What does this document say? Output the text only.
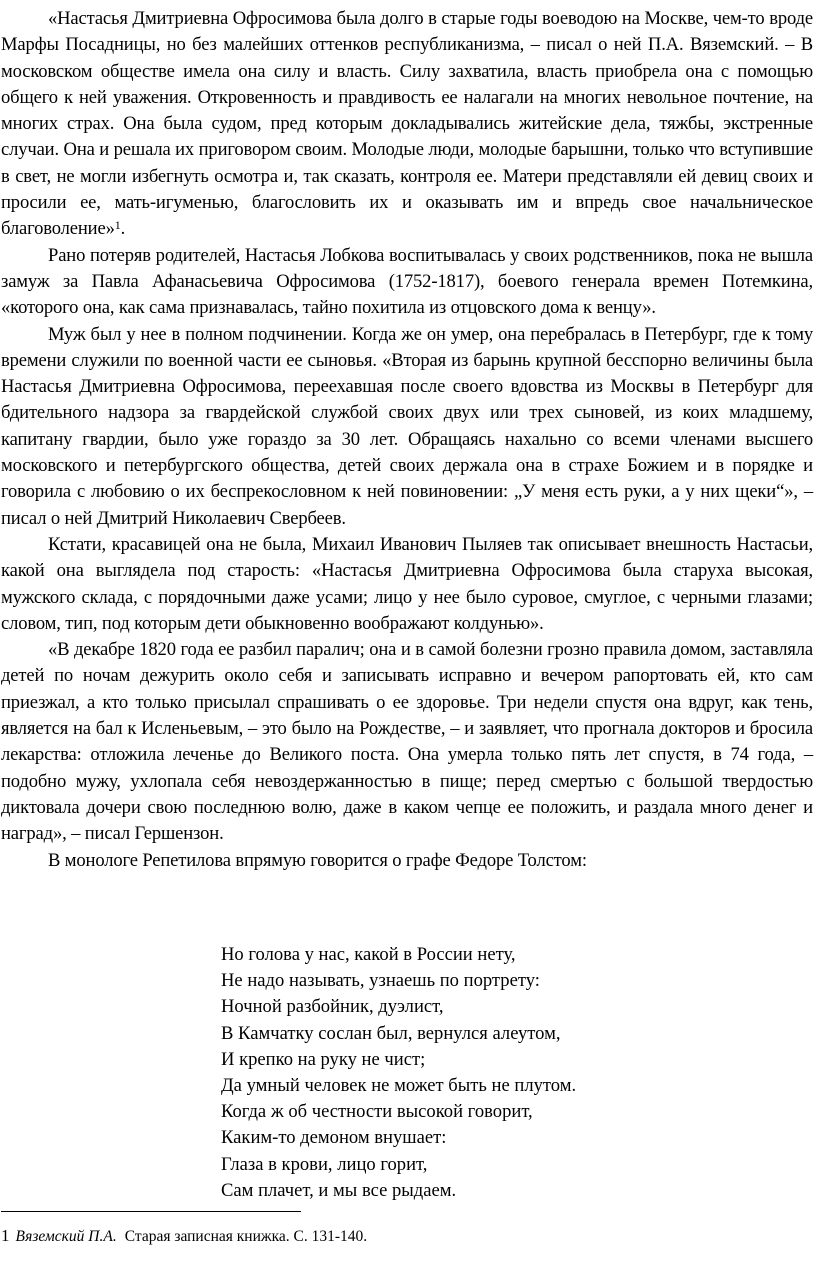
«Настасья Дмитриевна Офросимова была долго в старые годы воеводою на Москве, чем-то вроде Марфы Посадницы, но без малейших оттенков республиканизма, – писал о ней П.А. Вяземский. – В московском обществе имела она силу и власть. Силу захватила, власть приобрела она с помощью общего к ней уважения. Откровенность и правдивость ее налагали на многих невольное почтение, на многих страх. Она была судом, пред которым докладывались житейские дела, тяжбы, экстренные случаи. Она и решала их приговором своим. Молодые люди, молодые барышни, только что вступившие в свет, не могли избегнуть осмотра и, так сказать, контроля ее. Матери представляли ей девиц своих и просили ее, мать-игуменью, благословить их и оказывать им и впредь свое начальническое благоволение»$^1$.

Рано потеряв родителей, Настасья Лобкова воспитывалась у своих родственников, пока не вышла замуж за Павла Афанасьевича Офросимова (1752-1817), боевого генерала времен Потемкина, «которого она, как сама признавалась, тайно похитила из отцовского дома к венцу».

Муж был у нее в полном подчинении. Когда же он умер, она перебралась в Петербург, где к тому времени служили по военной части ее сыновья. «Вторая из барынь крупной бесспорно величины была Настасья Дмитриевна Офросимова, переехавшая после своего вдовства из Москвы в Петербург для бдительного надзора за гвардейской службой своих двух или трех сыновей, из коих младшему, капитану гвардии, было уже гораздо за 30 лет. Обращаясь нахально со всеми членами высшего московского и петербургского общества, детей своих держала она в страхе Божием и в порядке и говорила с любовию о их беспрекословном к ней повиновении: „У меня есть руки, а у них щеки“», – писал о ней Дмитрий Николаевич Свербеев.

Кстати, красавицей она не была, Михаил Иванович Пыляев так описывает внешность Настасьи, какой она выглядела под старость: «Настасья Дмитриевна Офросимова была старуха высокая, мужского склада, с порядочными даже усами; лицо у нее было суровое, смуглое, с черными глазами; словом, тип, под которым дети обыкновенно воображают колдунью».

«В декабре 1820 года ее разбил паралич; она и в самой болезни грозно правила домом, заставляла детей по ночам дежурить около себя и записывать исправно и вечером рапортовать ей, кто сам приезжал, а кто только присылал спрашивать о ее здоровье. Три недели спустя она вдруг, как тень, является на бал к Исленьевым, – это было на Рождестве, – и заявляет, что прогнала докторов и бросила лекарства: отложила леченье до Великого поста. Она умерла только пять лет спустя, в 74 года, – подобно мужу, ухлопала себя невоздержанностью в пище; перед смертью с большой твердостью диктовала дочери свою последнюю волю, даже в каком чепце ее положить, и раздала много денег и наград», – писал Гершензон.

В монологе Репетилова впрямую говорится о графе Федоре Толстом:

Но голова у нас, какой в России нету,
Не надо называть, узнаешь по портрету:
Ночной разбойник, дуэлист,
В Камчатку сослан был, вернулся алеутом,
И крепко на руку не чист;
Да умный человек не может быть не плутом.
Когда ж об честности высокой говорит,
Каким-то демоном внушает:
Глаза в крови, лицо горит,
Сам плачет, и мы все рыдаем.
1 Вяземский П.А. Старая записная книжка. С. 131-140.
